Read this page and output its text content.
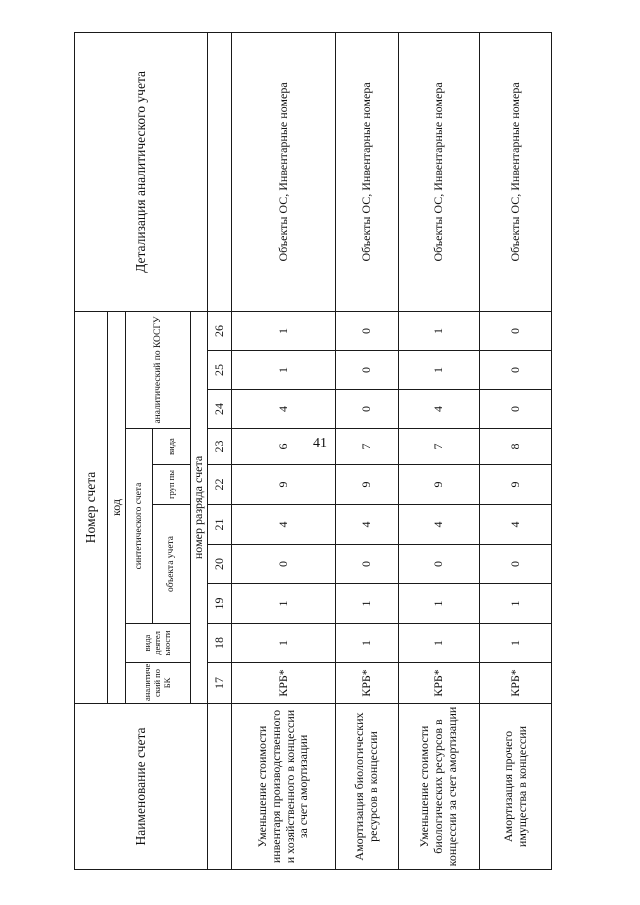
41
Наименование счета	Номер счета										Детализация аналитического учета
	код										
	аналитиче ский по БК	вида деятел ьности	синтетического счета					аналитический по КОСГУ			
			объекта учета			груп пы	вида				
	номер разряда счета										
	17	18	19	20	21	22	23	24	25	26	
Уменьшение стоимости инвентаря производственного и хозяйственного в концессии за счет амортизации	КРБ*	1	1	0	4	9	6	4	1	1	Объекты ОС, Инвентарные номера
Амортизация биологических ресурсов в концессии	КРБ*	1	1	0	4	9	7	0	0	0	Объекты ОС, Инвентарные номера
Уменьшение стоимости биологических ресурсов в концессии за счет амортизации	КРБ*	1	1	0	4	9	7	4	1	1	Объекты ОС, Инвентарные номера
Амортизация прочего имущества в концессии	КРБ*	1	1	0	4	9	8	0	0	0	Объекты ОС, Инвентарные номера
